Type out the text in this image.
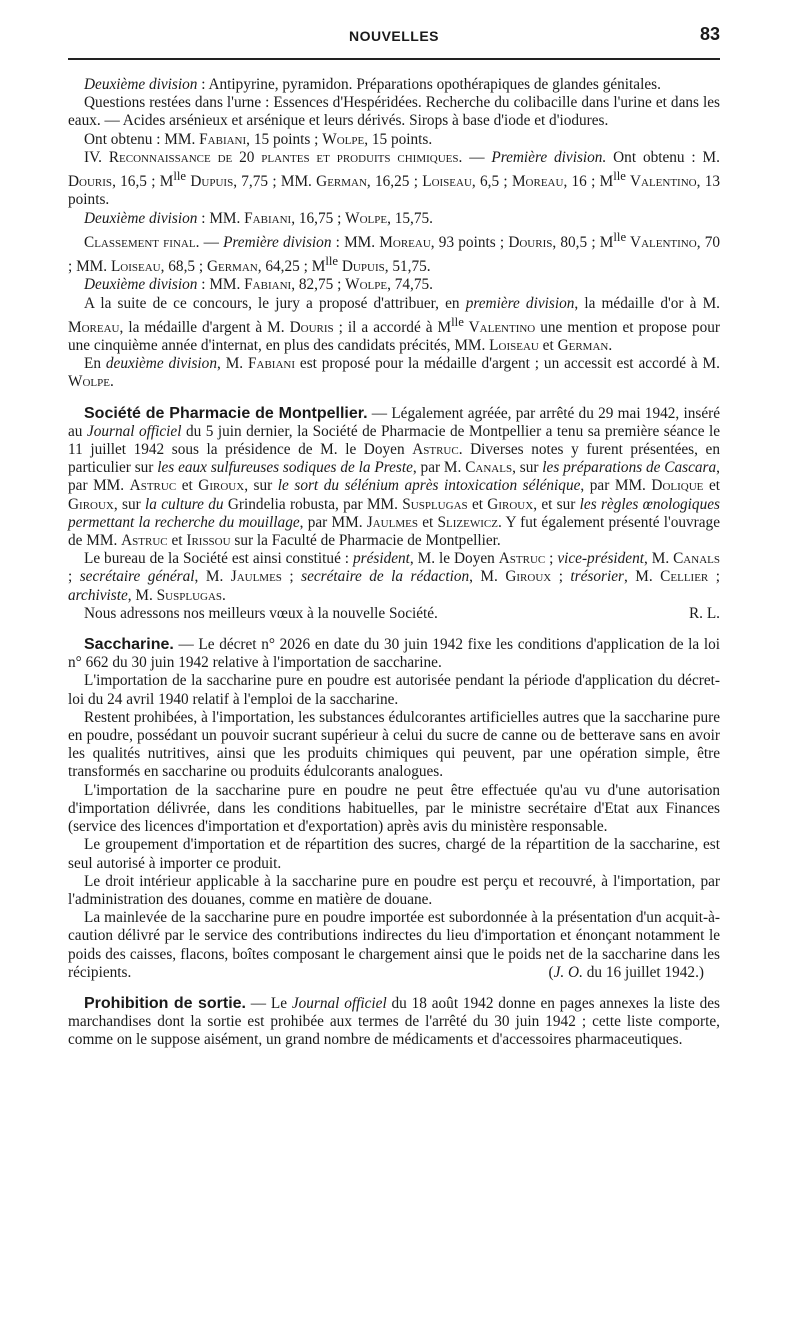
NOUVELLES	83

Deuxième division : Antipyrine, pyramidon. Préparations opothérapiques de glandes génitales.

Questions restées dans l'urne : Essences d'Hespéridées. Recherche du colibacille dans l'urine et dans les eaux. — Acides arsénieux et arsénique et leurs dérivés. Sirops à base d'iode et d'iodures.

Ont obtenu : MM. Fabiani, 15 points ; Wolpe, 15 points.

IV. Reconnaissance de 20 plantes et produits chimiques. — Première division. Ont obtenu : M. Douris, 16,5 ; $M^{lle}$ Dupuis, 7,75 ; MM. German, 16,25 ; Loiseau, 6,5 ; Moreau, 16 ; $M^{lle}$ Valentino, 13 points.

Deuxième division : MM. Fabiani, 16,75 ; Wolpe, 15,75.

Classement final. — Première division : MM. Moreau, 93 points ; Douris, 80,5 ; $M^{lle}$ Valentino, 70 ; MM. Loiseau, 68,5 ; German, 64,25 ; $M^{lle}$ Dupuis, 51,75.

Deuxième division : MM. Fabiani, 82,75 ; Wolpe, 74,75.

A la suite de ce concours, le jury a proposé d'attribuer, en première division, la médaille d'or à M. Moreau, la médaille d'argent à M. Douris ; il a accordé à $M^{lle}$ Valentino une mention et propose pour une cinquième année d'internat, en plus des candidats précités, MM. Loiseau et German.

En deuxième division, M. Fabiani est proposé pour la médaille d'argent ; un accessit est accordé à M. Wolpe.

Société de Pharmacie de Montpellier. — Légalement agréée, par arrêté du 29 mai 1942, inséré au Journal officiel du 5 juin dernier, la Société de Pharmacie de Montpellier a tenu sa première séance le 11 juillet 1942 sous la présidence de M. le Doyen Astruc. Diverses notes y furent présentées, en particulier sur les eaux sulfureuses sodiques de la Preste, par M. Canals, sur les préparations de Cascara, par MM. Astruc et Giroux, sur le sort du sélénium après intoxication sélénique, par MM. Dolique et Giroux, sur la culture du Grindelia robusta, par MM. Susplugas et Giroux, et sur les règles œnologiques permettant la recherche du mouillage, par MM. Jaulmes et Slizewicz. Y fut également présenté l'ouvrage de MM. Astruc et Irissou sur la Faculté de Pharmacie de Montpellier.

Le bureau de la Société est ainsi constitué : président, M. le Doyen Astruc ; vice-président, M. Canals ; secrétaire général, M. Jaulmes ; secrétaire de la rédaction, M. Giroux ; trésorier, M. Cellier ; archiviste, M. Susplugas.

Nous adressons nos meilleurs vœux à la nouvelle Société.	R. L.

Saccharine. — Le décret n° 2026 en date du 30 juin 1942 fixe les conditions d'application de la loi n° 662 du 30 juin 1942 relative à l'importation de saccharine.

L'importation de la saccharine pure en poudre est autorisée pendant la période d'application du décret-loi du 24 avril 1940 relatif à l'emploi de la saccharine.

Restent prohibées, à l'importation, les substances édulcorantes artificielles autres que la saccharine pure en poudre, possédant un pouvoir sucrant supérieur à celui du sucre de canne ou de betterave sans en avoir les qualités nutritives, ainsi que les produits chimiques qui peuvent, par une opération simple, être transformés en saccharine ou produits édulcorants analogues.

L'importation de la saccharine pure en poudre ne peut être effectuée qu'au vu d'une autorisation d'importation délivrée, dans les conditions habituelles, par le ministre secrétaire d'Etat aux Finances (service des licences d'importation et d'exportation) après avis du ministère responsable.

Le groupement d'importation et de répartition des sucres, chargé de la répartition de la saccharine, est seul autorisé à importer ce produit.

Le droit intérieur applicable à la saccharine pure en poudre est perçu et recouvré, à l'importation, par l'administration des douanes, comme en matière de douane.

La mainlevée de la saccharine pure en poudre importée est subordonnée à la présentation d'un acquit-à-caution délivré par le service des contributions indirectes du lieu d'importation et énonçant notamment le poids des caisses, flacons, boîtes composant le chargement ainsi que le poids net de la saccharine dans les récipients.	(J. O. du 16 juillet 1942.)

Prohibition de sortie. — Le Journal officiel du 18 août 1942 donne en pages annexes la liste des marchandises dont la sortie est prohibée aux termes de l'arrêté du 30 juin 1942 ; cette liste comporte, comme on le suppose aisément, un grand nombre de médicaments et d'accessoires pharmaceutiques.
